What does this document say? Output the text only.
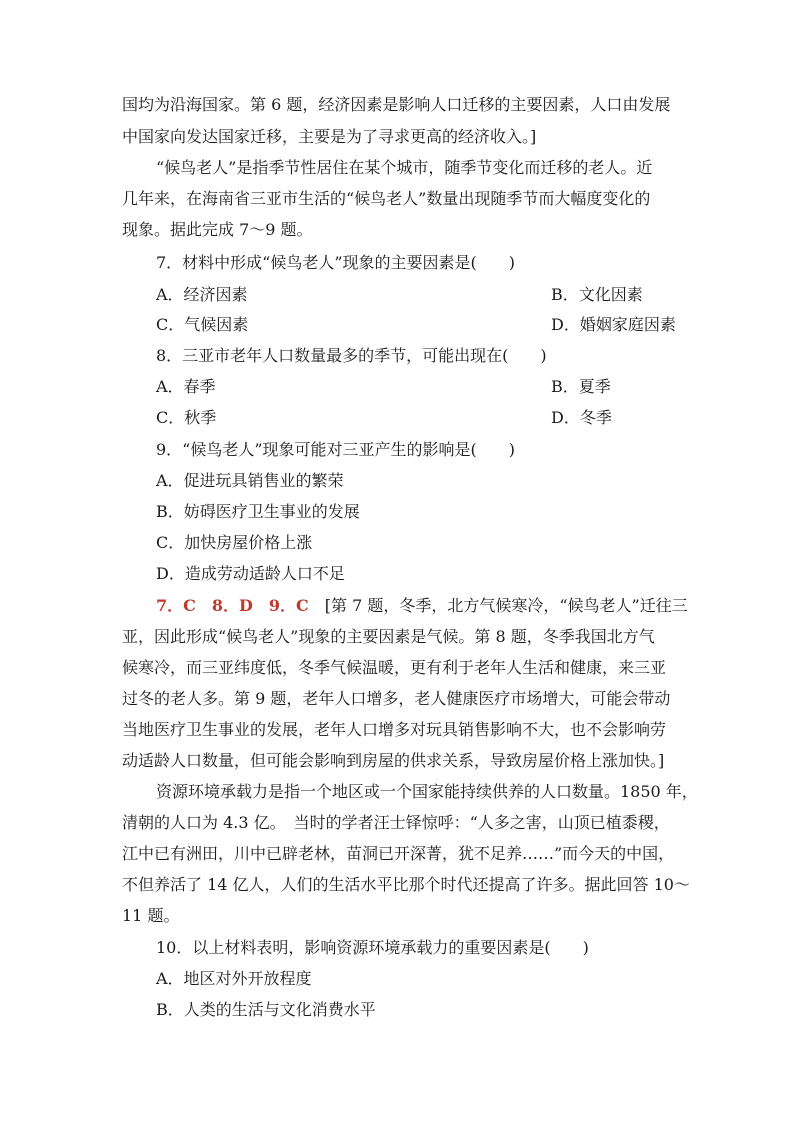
国均为沿海国家。第 6 题，经济因素是影响人口迁移的主要因素，人口由发展
中国家向发达国家迁移，主要是为了寻求更高的经济收入。]
“候鸟老人”是指季节性居住在某个城市，随季节变化而迁移的老人。近
几年来，在海南省三亚市生活的“候鸟老人”数量出现随季节而大幅度变化的
现象。据此完成 7～9 题。
7．材料中形成“候鸟老人”现象的主要因素是(　　)
A．经济因素	B．文化因素
C．气候因素	D．婚姻家庭因素
8．三亚市老年人口数量最多的季节，可能出现在(　　)
A．春季	B．夏季
C．秋季	D．冬季
9．“候鸟老人”现象可能对三亚产生的影响是(　　)
A．促进玩具销售业的繁荣
B．妨碍医疗卫生事业的发展
C．加快房屋价格上涨
D．造成劳动适龄人口不足
7．C　8．D　9．C　[第 7 题，冬季，北方气候寒冷，“候鸟老人”迁往三
亚，因此形成“候鸟老人”现象的主要因素是气候。第 8 题，冬季我国北方气
候寒冷，而三亚纬度低，冬季气候温暖，更有利于老年人生活和健康，来三亚
过冬的老人多。第 9 题，老年人口增多，老人健康医疗市场增大，可能会带动
当地医疗卫生事业的发展，老年人口增多对玩具销售影响不大，也不会影响劳
动适龄人口数量，但可能会影响到房屋的供求关系，导致房屋价格上涨加快。]
资源环境承载力是指一个地区或一个国家能持续供养的人口数量。1850 年，
清朝的人口为 4.3 亿。　当时的学者汪士铎惊呼：“人多之害，山顶已植黍稷，
江中已有洲田，川中已辟老林，苗洞已开深菁，犹不足养……”而今天的中国，
不但养活了 14 亿人，人们的生活水平比那个时代还提高了许多。据此回答 10～
11 题。
10．以上材料表明，影响资源环境承载力的重要因素是(　　)
A．地区对外开放程度
B．人类的生活与文化消费水平
